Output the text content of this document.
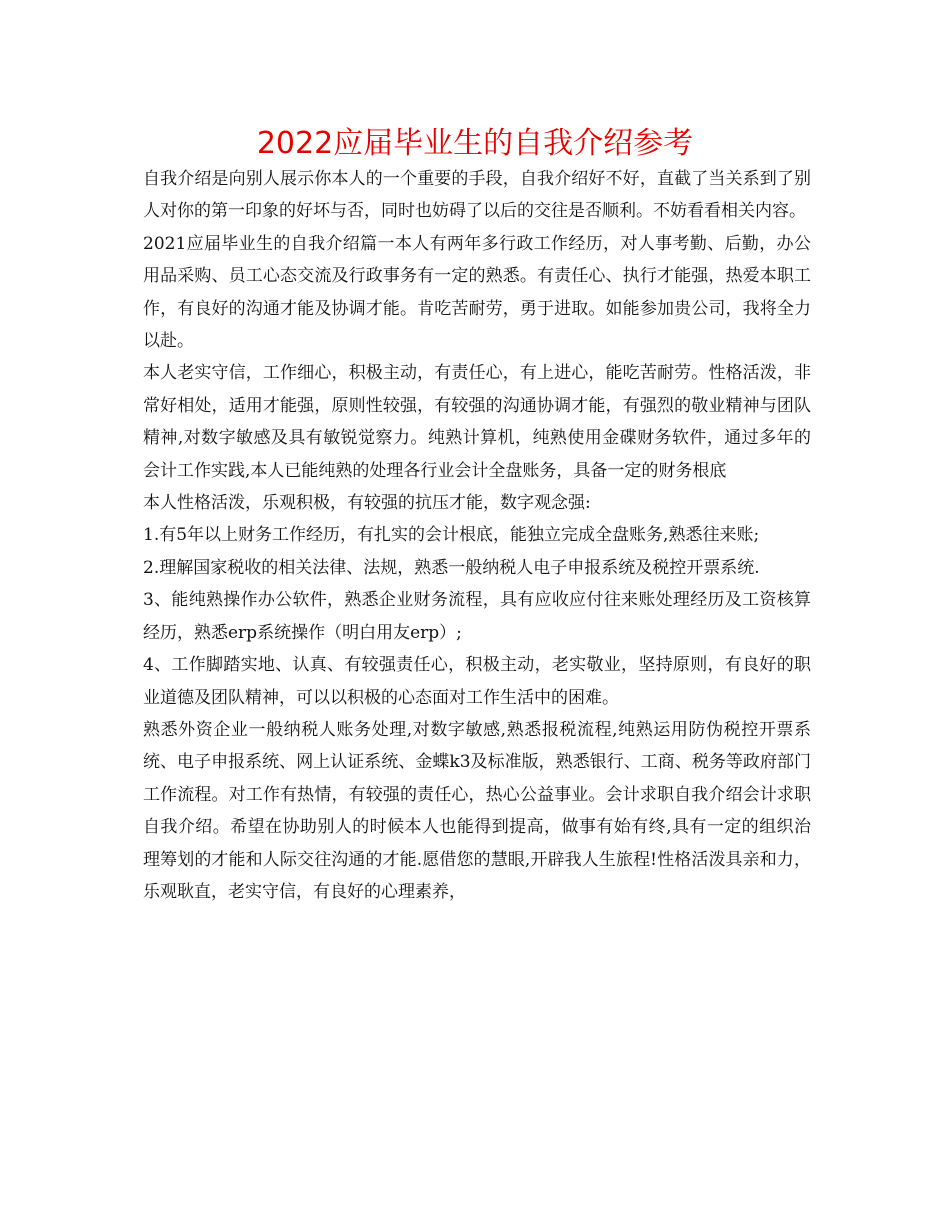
2022应届毕业生的自我介绍参考

自我介绍是向别人展示你本人的一个重要的手段，自我介绍好不好，直截了当关系到了别人对你的第一印象的好坏与否，同时也妨碍了以后的交往是否顺利。不妨看看相关内容。

2021应届毕业生的自我介绍篇一本人有两年多行政工作经历，对人事考勤、后勤，办公用品采购、员工心态交流及行政事务有一定的熟悉。有责任心、执行才能强，热爱本职工作，有良好的沟通才能及协调才能。肯吃苦耐劳，勇于进取。如能参加贵公司，我将全力以赴。

本人老实守信，工作细心，积极主动，有责任心，有上进心，能吃苦耐劳。性格活泼，非常好相处，适用才能强，原则性较强，有较强的沟通协调才能，有强烈的敬业精神与团队精神,对数字敏感及具有敏锐觉察力。纯熟计算机，纯熟使用金碟财务软件，通过多年的会计工作实践,本人已能纯熟的处理各行业会计全盘账务，具备一定的财务根底

本人性格活泼，乐观积极，有较强的抗压才能，数字观念强:

1.有5年以上财务工作经历，有扎实的会计根底，能独立完成全盘账务,熟悉往来账;

2.理解国家税收的相关法律、法规，熟悉一般纳税人电子申报系统及税控开票系统.

3、能纯熟操作办公软件，熟悉企业财务流程，具有应收应付往来账处理经历及工资核算经历，熟悉erp系统操作（明白用友erp）;

4、工作脚踏实地、认真、有较强责任心，积极主动，老实敬业，坚持原则，有良好的职业道德及团队精神，可以以积极的心态面对工作生活中的困难。

熟悉外资企业一般纳税人账务处理,对数字敏感,熟悉报税流程,纯熟运用防伪税控开票系统、电子申报系统、网上认证系统、金蝶k3及标准版，熟悉银行、工商、税务等政府部门工作流程。对工作有热情，有较强的责任心，热心公益事业。会计求职自我介绍会计求职自我介绍。希望在协助别人的时候本人也能得到提高，做事有始有终,具有一定的组织治理筹划的才能和人际交往沟通的才能.愿借您的慧眼,开辟我人生旅程!性格活泼具亲和力，乐观耿直，老实守信，有良好的心理素养，
